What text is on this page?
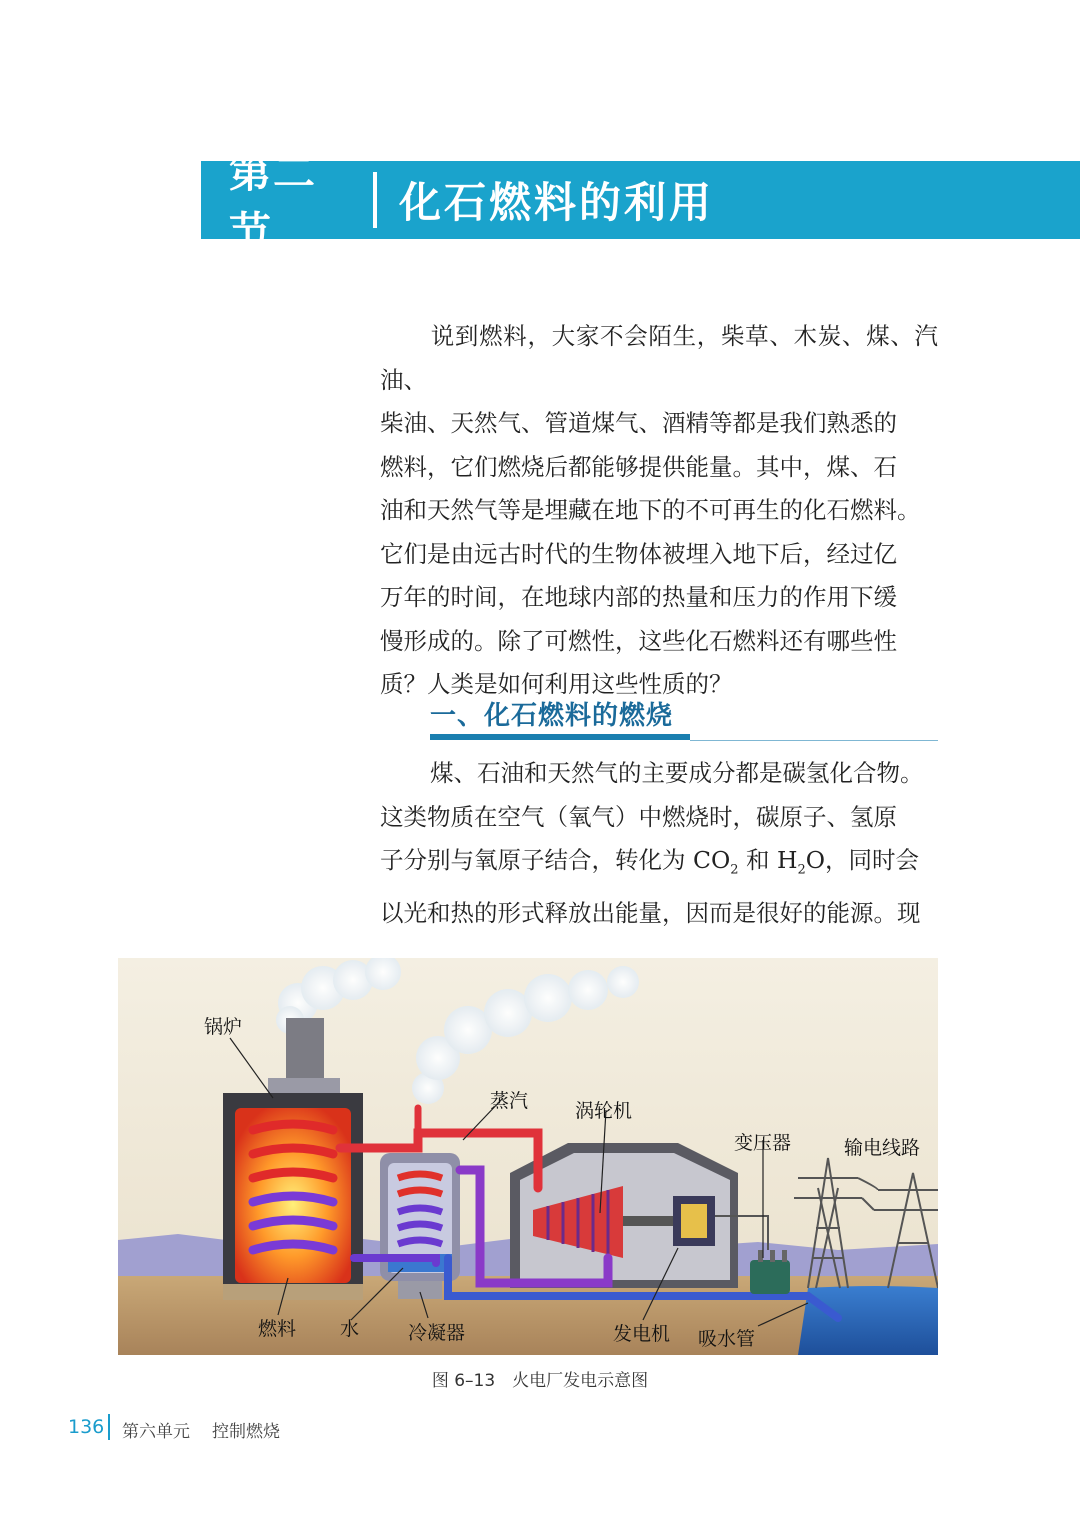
第二节
化石燃料的利用

说到燃料，大家不会陌生，柴草、木炭、煤、汽油、
柴油、天然气、管道煤气、酒精等都是我们熟悉的
燃料，它们燃烧后都能够提供能量。其中，煤、石
油和天然气等是埋藏在地下的不可再生的化石燃料。
它们是由远古时代的生物体被埋入地下后，经过亿
万年的时间，在地球内部的热量和压力的作用下缓
慢形成的。除了可燃性，这些化石燃料还有哪些性
质？人类是如何利用这些性质的？

一、化石燃料的燃烧

煤、石油和天然气的主要成分都是碳氢化合物。
这类物质在空气（氧气）中燃烧时，碳原子、氢原
子分别与氧原子结合，转化为 $CO_2$ 和 $H_2O$，同时会
以光和热的形式释放出能量，因而是很好的能源。现

锅炉
蒸汽 涡轮机
变压器	输电线路
燃料 水	冷凝器	发电机 吸水管
图 6–13　火电厂发电示意图
136 第六单元 控制燃烧
